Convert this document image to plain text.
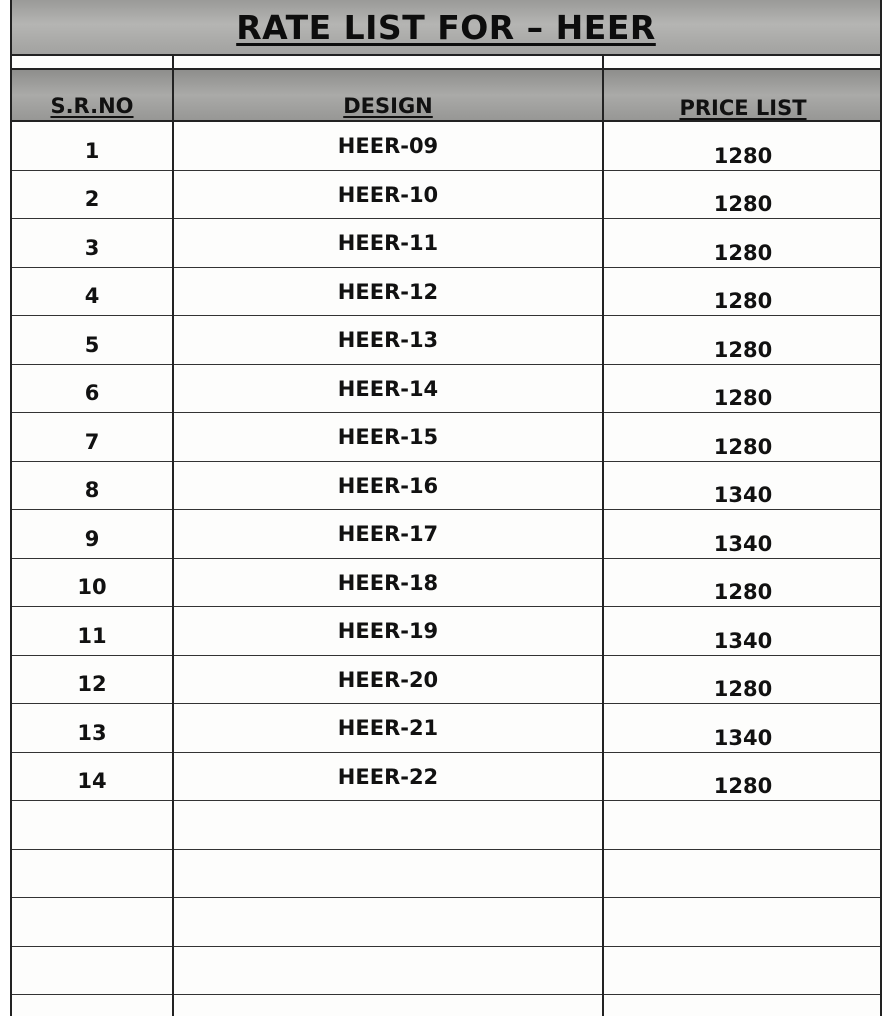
RATE LIST FOR – HEER
S.R.NO	DESIGN	PRICE LIST
1	HEER-09	1280
2	HEER-10	1280
3	HEER-11	1280
4	HEER-12	1280
5	HEER-13	1280
6	HEER-14	1280
7	HEER-15	1280
8	HEER-16	1340
9	HEER-17	1340
10	HEER-18	1280
11	HEER-19	1340
12	HEER-20	1280
13	HEER-21	1340
14	HEER-22	1280
